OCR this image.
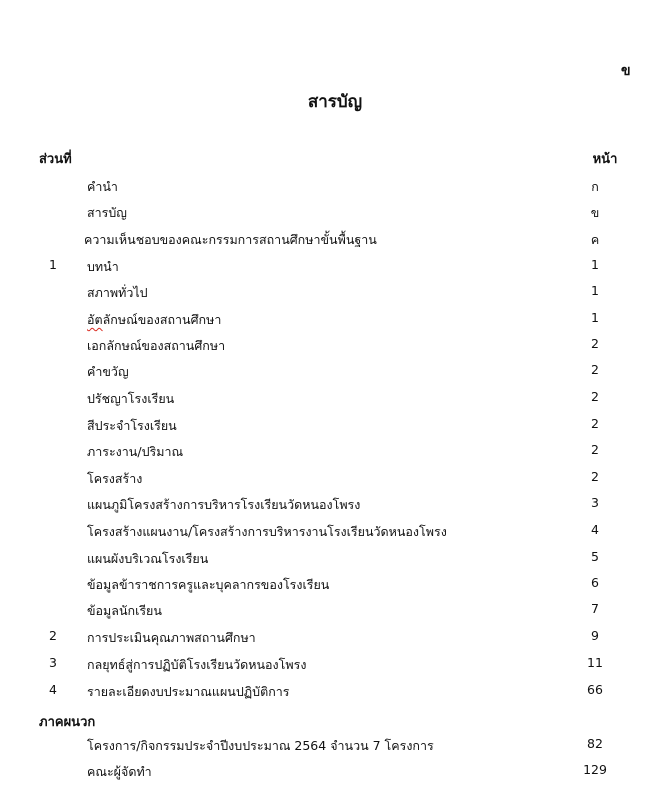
ข
สารบัญ
ส่วนที่	หน้า
คำนำ	ก
สารบัญ	ข
ความเห็นชอบของคณะกรรมการสถานศึกษาขั้นพื้นฐาน	ค
1 บทนำ	1
สภาพทั่วไป	1
อัตลักษณ์ของสถานศึกษา	1
เอกลักษณ์ของสถานศึกษา	2
คำขวัญ	2
ปรัชญาโรงเรียน	2
สีประจำโรงเรียน	2
ภาระงาน/ปริมาณ	2
โครงสร้าง	2
แผนภูมิโครงสร้างการบริหารโรงเรียนวัดหนองโพรง	3
โครงสร้างแผนงาน/โครงสร้างการบริหารงานโรงเรียนวัดหนองโพรง	4
แผนผังบริเวณโรงเรียน	5
ข้อมูลข้าราชการครูและบุคลากรของโรงเรียน	6
ข้อมูลนักเรียน	7
2 การประเมินคุณภาพสถานศึกษา	9
3 กลยุทธ์สู่การปฏิบัติโรงเรียนวัดหนองโพรง	11
4 รายละเอียดงบประมาณแผนปฏิบัติการ	66
ภาคผนวก
โครงการ/กิจกรรมประจำปีงบประมาณ 2564 จำนวน 7 โครงการ	82
คณะผู้จัดทำ	129
